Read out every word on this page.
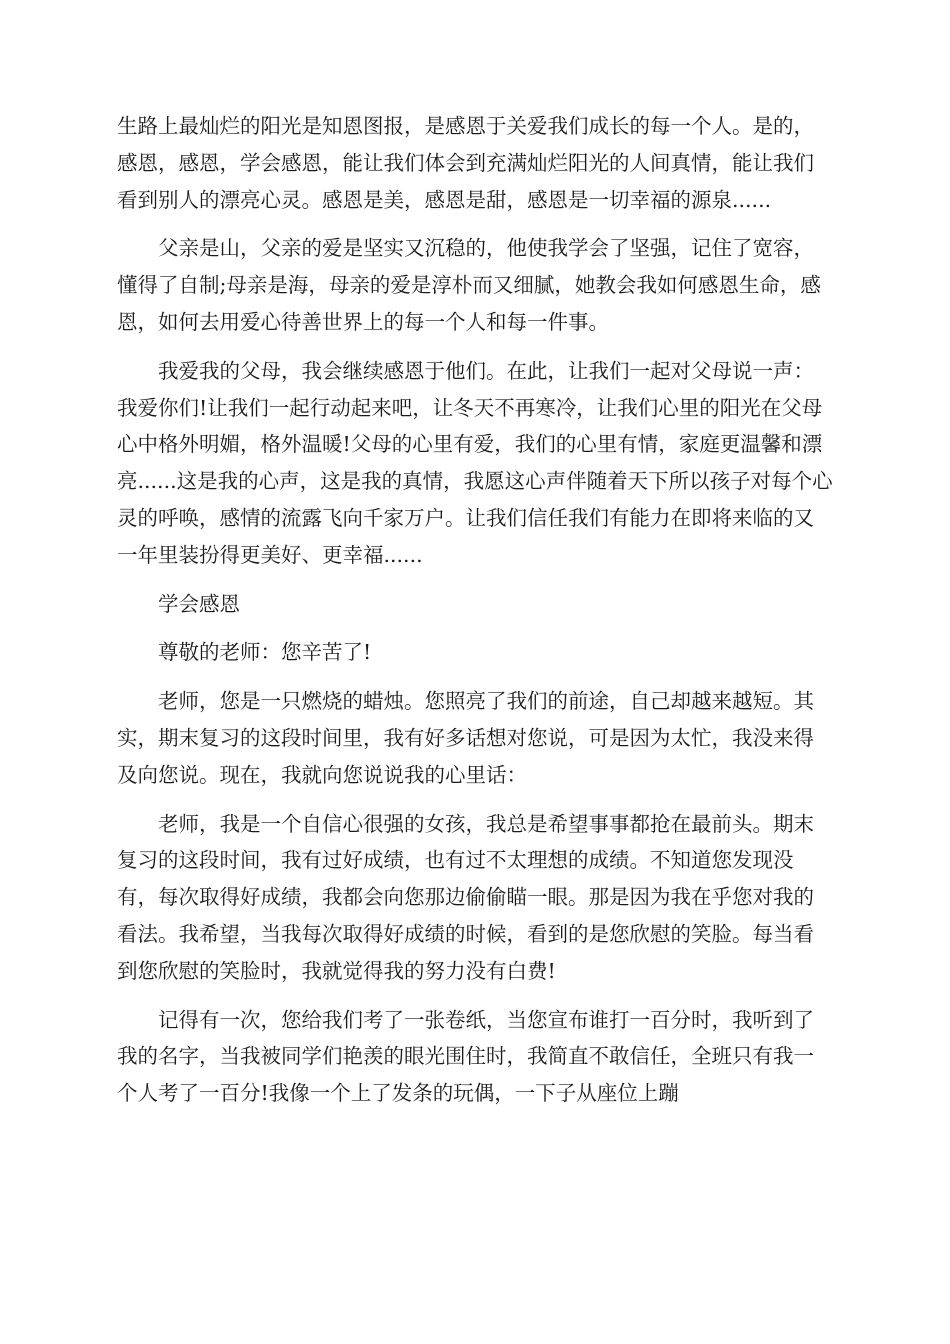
生路上最灿烂的阳光是知恩图报，是感恩于关爱我们成长的每一个人。是的，感恩，感恩，学会感恩，能让我们体会到充满灿烂阳光的人间真情，能让我们看到别人的漂亮心灵。感恩是美，感恩是甜，感恩是一切幸福的源泉......

父亲是山，父亲的爱是坚实又沉稳的，他使我学会了坚强，记住了宽容，懂得了自制;母亲是海，母亲的爱是淳朴而又细腻，她教会我如何感恩生命，感恩，如何去用爱心待善世界上的每一个人和每一件事。

我爱我的父母，我会继续感恩于他们。在此，让我们一起对父母说一声：我爱你们!让我们一起行动起来吧，让冬天不再寒冷，让我们心里的阳光在父母心中格外明媚，格外温暖!父母的心里有爱，我们的心里有情，家庭更温馨和漂亮......这是我的心声，这是我的真情，我愿这心声伴随着天下所以孩子对每个心灵的呼唤，感情的流露飞向千家万户。让我们信任我们有能力在即将来临的又一年里装扮得更美好、更幸福......

学会感恩

尊敬的老师：您辛苦了!

老师，您是一只燃烧的蜡烛。您照亮了我们的前途，自己却越来越短。其实，期末复习的这段时间里，我有好多话想对您说，可是因为太忙，我没来得及向您说。现在，我就向您说说我的心里话：

老师，我是一个自信心很强的女孩，我总是希望事事都抢在最前头。期末复习的这段时间，我有过好成绩，也有过不太理想的成绩。不知道您发现没有，每次取得好成绩，我都会向您那边偷偷瞄一眼。那是因为我在乎您对我的看法。我希望，当我每次取得好成绩的时候，看到的是您欣慰的笑脸。每当看到您欣慰的笑脸时，我就觉得我的努力没有白费!

记得有一次，您给我们考了一张卷纸，当您宣布谁打一百分时，我听到了我的名字，当我被同学们艳羡的眼光围住时，我简直不敢信任，全班只有我一个人考了一百分!我像一个上了发条的玩偶，一下子从座位上蹦
